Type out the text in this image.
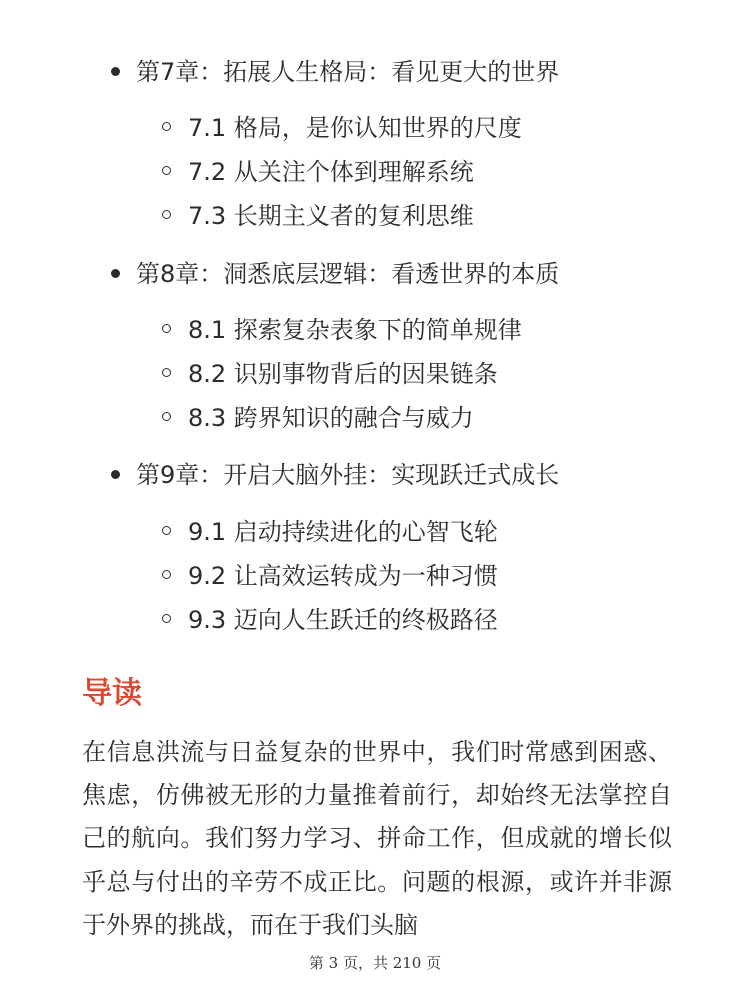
第7章：拓展人生格局：看见更大的世界
7.1 格局，是你认知世界的尺度
7.2 从关注个体到理解系统
7.3 长期主义者的复利思维
第8章：洞悉底层逻辑：看透世界的本质
8.1 探索复杂表象下的简单规律
8.2 识别事物背后的因果链条
8.3 跨界知识的融合与威力
第9章：开启大脑外挂：实现跃迁式成长
9.1 启动持续进化的心智飞轮
9.2 让高效运转成为一种习惯
9.3 迈向人生跃迁的终极路径
导读

在信息洪流与日益复杂的世界中，我们时常感到困惑、焦虑，仿佛被无形的力量推着前行，却始终无法掌控自己的航向。我们努力学习、拼命工作，但成就的增长似乎总与付出的辛劳不成正比。问题的根源，或许并非源于外界的挑战，而在于我们头脑

第 3 页，共 210 页
